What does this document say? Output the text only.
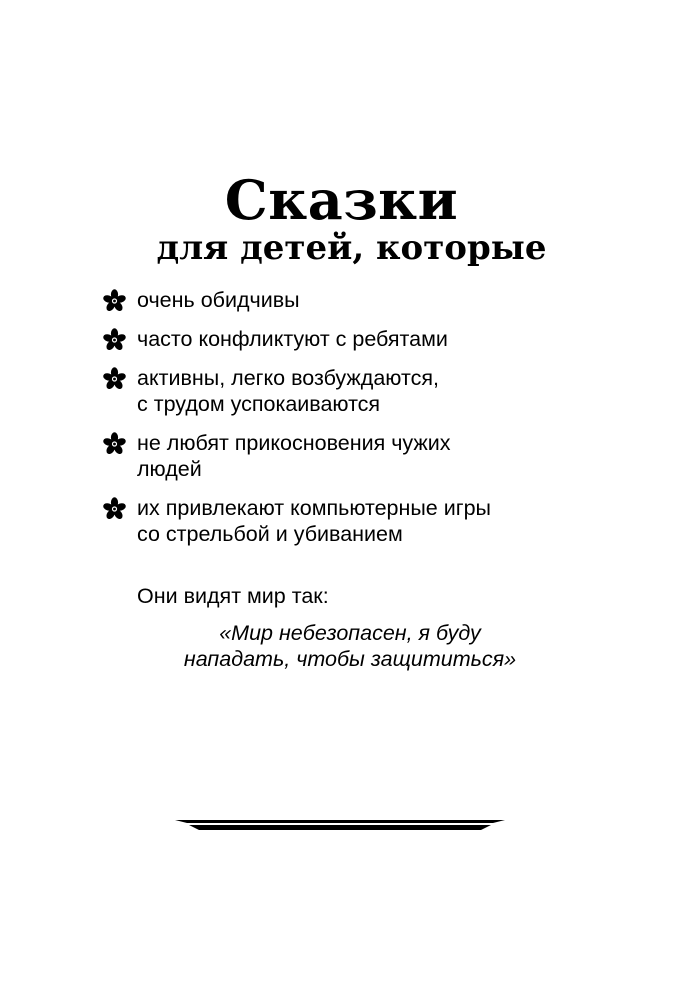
Сказки
для детей, которые
очень обидчивы
часто конфликтуют с ребятами
активны, легко возбуждаются,
с трудом успокаиваются
не любят прикосновения чужих
людей
их привлекают компьютерные игры
со стрельбой и убиванием
Они видят мир так:
«Мир небезопасен, я буду
нападать, чтобы защититься»
